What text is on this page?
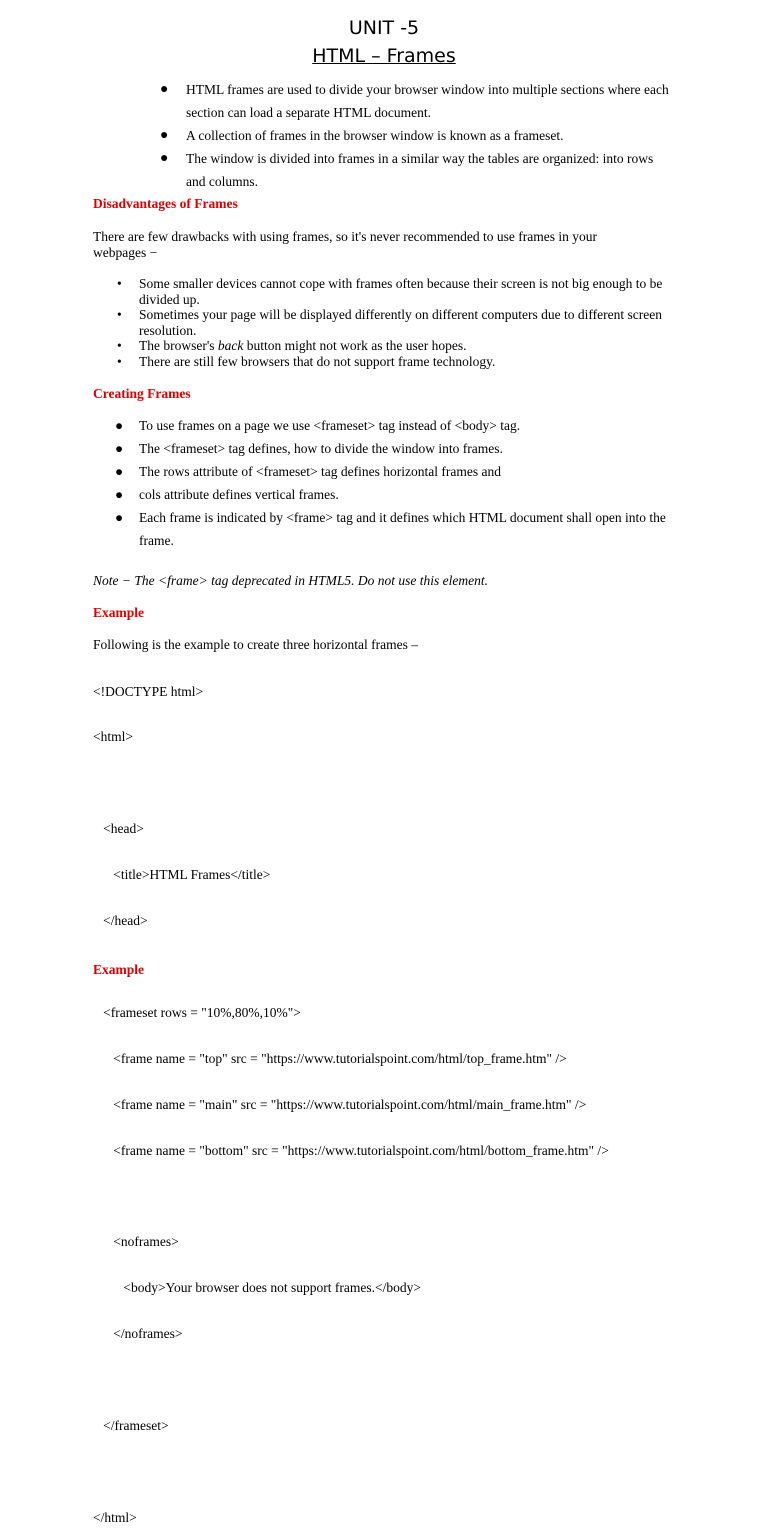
UNIT -5
HTML – Frames
● HTML frames are used to divide your browser window into multiple sections where each section can load a separate HTML document.
● A collection of frames in the browser window is known as a frameset.
● The window is divided into frames in a similar way the tables are organized: into rows and columns.
Disadvantages of Frames

There are few drawbacks with using frames, so it's never recommended to use frames in your webpages −

• Some smaller devices cannot cope with frames often because their screen is not big enough to be divided up.
• Sometimes your page will be displayed differently on different computers due to different screen resolution.
• The browser's back button might not work as the user hopes.
• There are still few browsers that do not support frame technology.
Creating Frames
● To use frames on a page we use <frameset> tag instead of <body> tag.
● The <frameset> tag defines, how to divide the window into frames.
● The rows attribute of <frameset> tag defines horizontal frames and
● cols attribute defines vertical frames.
● Each frame is indicated by <frame> tag and it defines which HTML document shall open into the frame.
Note − The <frame> tag deprecated in HTML5. Do not use this element.
Example

Following is the example to create three horizontal frames –

<!DOCTYPE html>

<html>

<head>

<title>HTML Frames</title>

</head>

<frameset rows = "10%,80%,10%">

<frame name = "top" src = "https://www.tutorialspoint.com/html/top_frame.htm" />

<frame name = "main" src = "https://www.tutorialspoint.com/html/main_frame.htm" />

<frame name = "bottom" src = "https://www.tutorialspoint.com/html/bottom_frame.htm" />

<noframes>

<body>Your browser does not support frames.</body>

</noframes>

</frameset>

</html>

Example
